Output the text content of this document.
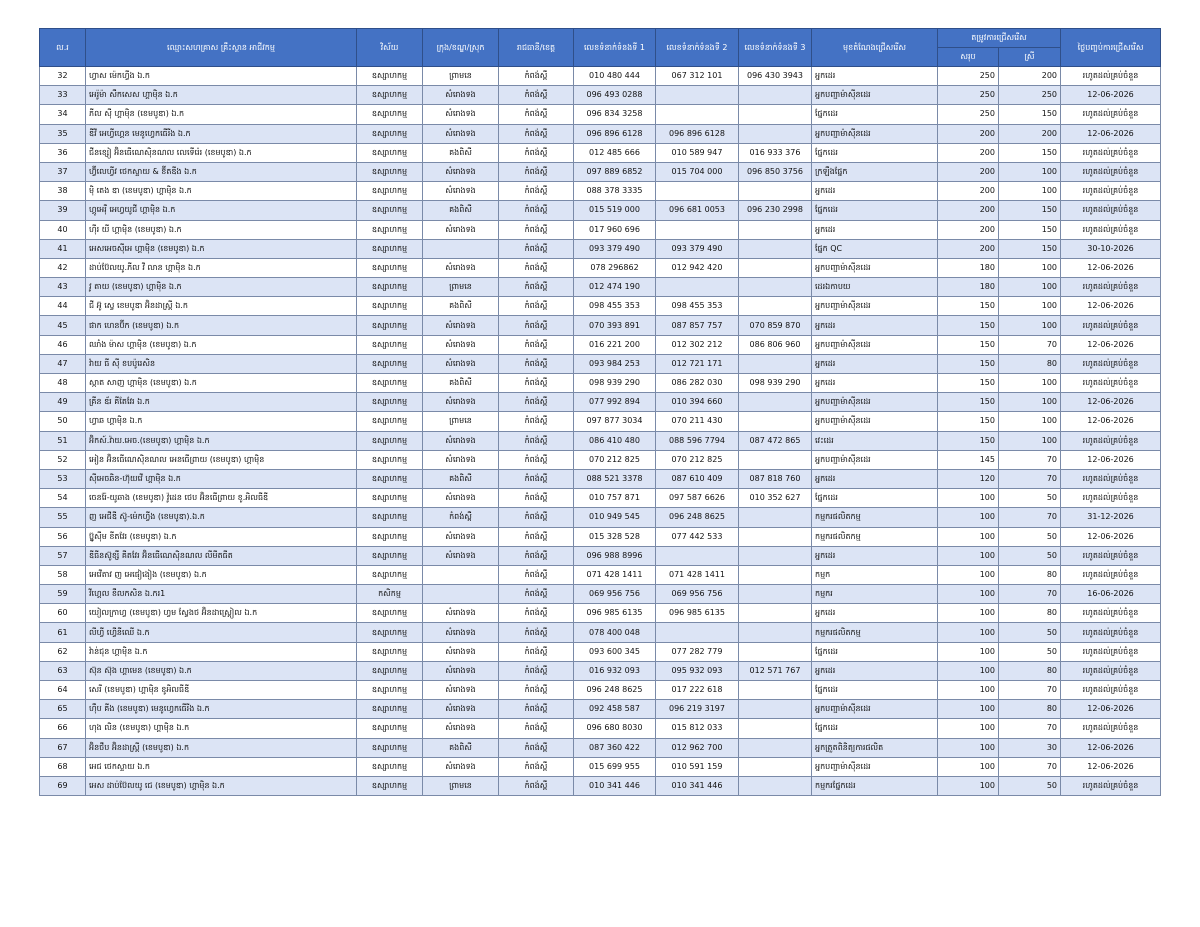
ល.រ	ឈ្មោះសហគ្រាស គ្រឹះស្ថាន អាជីវកម្ម	វិស័យ	ក្រុង/ខណ្ឌ/ស្រុក	រាជធានី/ខេត្ត	លេខទំនាក់ទំនងទី 1	លេខទំនាក់ទំនងទី 2	លេខទំនាក់ទំនងទី 3	មុខតំណែងជ្រើសរើស	តម្រូវការជ្រើសរើស		ថ្ងៃបញ្ចប់ការជ្រើសរើស
									សរុប	ស្រី	
32	ហ្វាស ម៉េកហ្វីង ឯ.ក	ឧស្សាហកម្ម	ព្រាមនេ	កំពង់ស្ពឺ	010 480 444	067 312 101	096 430 3943	អ្នកដេរ	250	200	រហូតដល់គ្រប់ចំនួន
33	អេរ៉ូម៉ា សឹកសេស ហ្គាម៉ិន ឯ.ក	ឧស្សាហកម្ម	សំរោងទង	កំពង់ស្ពឺ	096 493 0288			អ្នកបញ្ជាម៉ាស៊ីនដេរ	250	250	12-06-2026
34	ភីល ស៊ី ហ្គាម៉ិន (ខេមបូឌា) ឯ.ក	ឧស្សាហកម្ម	សំរោងទង	កំពង់ស្ពឺ	096 834 3258			ផ្នែកដេរ	250	150	រហូតដល់គ្រប់ចំនួន
35	ឌីវី អេហ្វីហ្គេន មេនូហ្វេកធើរីង ឯ.ក	ឧស្សាហកម្ម	សំរោងទង	កំពង់ស្ពឺ	096 896 6128	096 896 6128		អ្នកបញ្ជាម៉ាស៊ីនដេរ	200	200	12-06-2026
36	ជីនខ្សៀ អ៊ិនធើណេស៊ិនណល លេទើរ៉េរ (ខេមបូឌា) ឯ.ក	ឧស្សាហកម្ម	គងពិសី	កំពង់ស្ពឺ	012 485 666	010 589 947	016 933 376	ផ្នែកដេរ	200	150	រហូតដល់គ្រប់ចំនួន
37	ហ្វ៊ីលេហ្វីវ ថេកស្ទាយ & ខ៊ីតឌីង ឯ.ក	ឧស្សាហកម្ម	សំរោងទង	កំពង់ស្ពឺ	097 889 6852	015 704 000	096 850 3756	ក្រឡឹងផ្នែក	200	100	រហូតដល់គ្រប់ចំនួន
38	ម៉ិ តេង ឌា (ខេមបូឌា) ហ្គាម៉ិន ឯ.ក	ឧស្សាហកម្ម	សំរោងទង	កំពង់ស្ពឺ	088 378 3335			អ្នកដេរ	200	100	រហូតដល់គ្រប់ចំនួន
39	ហ្គូអេរ៉ឺ អេហ្វយូជី ហ្គាម៉ិន ឯ.ក	ឧស្សាហកម្ម	គងពិសី	កំពង់ស្ពឺ	015 519 000	096 681 0053	096 230 2998	ផ្នែកដេរ	200	150	រហូតដល់គ្រប់ចំនួន
40	ហ៊ីរ យី ហ្គាម៉ិន (ខេមបូឌា) ឯ.ក	ឧស្សាហកម្ម	សំរោងទង	កំពង់ស្ពឺ	017 960 696			អ្នកដេរ	200	150	រហូតដល់គ្រប់ចំនួន
41	អេសអេចស៊ីអេ ហ្គាម៉ិន (ខេមបូឌា) ឯ.ក	ឧស្សាហកម្ម		កំពង់ស្ពឺ	093 379 490	093 379 490		ផ្នែក QC	200	150	30-10-2026
42	ដាប់ប៊ែលយូ.ភីល វី លាន ហ្គាម៉ិន ឯ.ក	ឧស្សាហកម្ម	សំរោងទង	កំពង់ស្ពឺ	078 296862	012 942 420		អ្នកបញ្ជាម៉ាស៊ីនដេរ	180	100	12-06-2026
43	វូ តាយ (ខេមបូឌា) ហ្គាម៉ិន ឯ.ក	ឧស្សាហកម្ម	ព្រាមនេ	កំពង់ស្ពឺ	012 474 190			ដេរឯកាបយ	180	100	រហូតដល់គ្រប់ចំនួន
44	ជី អ៊ូ ស្វេ ខេមបូឌា អ៊ិនដាស្ត្រី ឯ.ក	ឧស្សាហកម្ម	គងពិសី	កំពង់ស្ពឺ	098 455 353	098 455 353		អ្នកបញ្ជាម៉ាស៊ីនដេរ	150	100	12-06-2026
45	ផាក ហេនប៊ីក (ខេមបូឌា) ឯ.ក	ឧស្សាហកម្ម	សំរោងទង	កំពង់ស្ពឺ	070 393 891	087 857 757	070 859 870	អ្នកដេរ	150	100	រហូតដល់គ្រប់ចំនួន
46	ឈាំង ម៉ាស ហ្គាម៉ិន (ខេមបូឌា) ឯ.ក	ឧស្សាហកម្ម	សំរោងទង	កំពង់ស្ពឺ	016 221 200	012 302 212	086 806 960	អ្នកបញ្ជាម៉ាស៊ីនដេរ	150	70	12-06-2026
47	វ៉ាយ ធី ស៊ី ខបប៉ូរេសិន	ឧស្សាហកម្ម	សំរោងទង	កំពង់ស្ពឺ	093 984 253	012 721 171		អ្នកដេរ	150	80	រហូតដល់គ្រប់ចំនួន
48	ស្កាត សាញ ហ្គាម៉ិន (ខេមបូឌា) ឯ.ក	ឧស្សាហកម្ម	គងពិសី	កំពង់ស្ពឺ	098 939 290	086 282 030	098 939 290	អ្នកដេរ	150	100	រហូតដល់គ្រប់ចំនួន
49	គ្រីន ឌ័រ គីតែវែរ ឯ.ក	ឧស្សាហកម្ម	សំរោងទង	កំពង់ស្ពឺ	077 992 894	010 394 660		អ្នកបញ្ជាម៉ាស៊ីនដេរ	150	100	12-06-2026
50	ហ្វាឆ ហ្គាម៉ិន ឯ.ក	ឧស្សាហកម្ម	ព្រាមនេ	កំពង់ស្ពឺ	097 877 3034	070 211 430		អ្នកបញ្ជាម៉ាស៊ីនដេរ	150	100	12-06-2026
51	អ៊ិកស៍.វ៉ាយ.អេច.(ខេមបូឌា) ហ្គាម៉ិន ឯ.ក	ឧស្សាហកម្ម	សំរោងទង	កំពង់ស្ពឺ	086 410 480	088 596 7794	087 472 865	វេះដេរ	150	100	រហូតដល់គ្រប់ចំនួន
52	អៀន អ៊ិនធើណេស៊ិនណល អេនធើព្រាយ (ខេមបូឌា) ហ្គាម៉ិន	ឧស្សាហកម្ម	សំរោងទង	កំពង់ស្ពឺ	070 212 825	070 212 825		អ្នកបញ្ជាម៉ាស៊ីនដេរ	145	70	12-06-2026
53	ស៊ីអេចឆិន-ហ៊ុយវើ ហ្គាម៉ិន ឯ.ក	ឧស្សាហកម្ម	គងពិសី	កំពង់ស្ពឺ	088 521 3378	087 610 409	087 818 760	អ្នកដេរ	120	70	រហូតដល់គ្រប់ចំនួន
54	ចេនរ៉ែ-យូឆាង (ខេមបូឌា) វ៉ូដេន ថេប អ៊ិនធើព្រាយ ខូ.អិលធីឌី	ឧស្សាហកម្ម	សំរោងទង	កំពង់ស្ពឺ	010 757 871	097 587 6626	010 352 627	ផ្នែកដេរ	100	50	រហូតដល់គ្រប់ចំនួន
55	ញ អេជីឌី ស៊ូ-ម៉េកហ្វីង (ខេមបូឌា).ឯ.ក	ឧស្សាហកម្ម	កំពង់ស្ពឺ	កំពង់ស្ពឺ	010 949 545	096 248 8625		កម្មករផលិតកម្ម	100	70	31-12-2026
56	ប្ល៊ូស៊ីម ខីតវែរ (ខេមបូឌា) ឯ.ក	ឧស្សាហកម្ម	សំរោងទង	កំពង់ស្ពឺ	015 328 528	077 442 533		កម្មករផលិតកម្ម	100	50	12-06-2026
57	ឌីធីនស៊ូខ្សឺ គីតវែរ អ៊ិនធើណេស៊ិនណល លីមីតធីត	ឧស្សាហកម្ម	សំរោងទង	កំពង់ស្ពឺ	096 988 8996			អ្នកដេរ	100	50	រហូតដល់គ្រប់ចំនួន
58	អេវើតាវ ញ អេផៀងៀង (ខេមបូឌា) ឯ.ក	ឧស្សាហកម្ម		កំពង់ស្ពឺ	071 428 1411	071 428 1411		កម្មក	100	80	រហូតដល់គ្រប់ចំនួន
59	វីហ្គេល ខឹលកសិន ឯ.ករ1	កសិកម្ម		កំពង់ស្ពឺ	069 956 756	069 956 756		កម្មករ	100	70	16-06-2026
60	យៀលក្រាហ្វ (ខេមបូឌា) ហ្វម ស្វែងថ អ៊ិនដាស្ត្រៀល ឯ.ក	ឧស្សាហកម្ម	សំរោងទង	កំពង់ស្ពឺ	096 985 6135	096 985 6135		អ្នកដេរ	100	80	រហូតដល់គ្រប់ចំនួន
61	លីហ្វី ហ្វើនីឈើ ឯ.ក	ឧស្សាហកម្ម	សំរោងទង	កំពង់ស្ពឺ	078 400 048			កម្មករផលិតកម្ម	100	50	រហូតដល់គ្រប់ចំនួន
62	វ៉ាន់ជុន ហ្គាម៉ិន ឯ.ក	ឧស្សាហកម្ម	សំរោងទង	កំពង់ស្ពឺ	093 600 345	077 282 779		ផ្នែកដេរ	100	50	រហូតដល់គ្រប់ចំនួន
63	ស៊ុន ស៊ុង ហ្គាមេន (ខេមបូឌា) ឯ.ក	ឧស្សាហកម្ម	សំរោងទង	កំពង់ស្ពឺ	016 932 093	095 932 093	012 571 767	អ្នកដេរ	100	80	រហូតដល់គ្រប់ចំនួន
64	សេរី (ខេមបូឌា) ហ្គាម៉ិន ខូអិលធីឌី	ឧស្សាហកម្ម	សំរោងទង	កំពង់ស្ពឺ	096 248 8625	017 222 618		ផ្នែកដេរ	100	70	រហូតដល់គ្រប់ចំនួន
65	ហ៊ឹប គីង (ខេមបូឌា) មេនូហ្វេកធើរីង ឯ.ក	ឧស្សាហកម្ម	សំរោងទង	កំពង់ស្ពឺ	092 458 587	096 219 3197		អ្នកបញ្ជាម៉ាស៊ីនដេរ	100	80	12-06-2026
66	ហុង លិន (ខេមបូឌា) ហ្គាម៉ិន ឯ.ក	ឧស្សាហកម្ម	សំរោងទង	កំពង់ស្ពឺ	096 680 8030	015 812 033		ផ្នែកដេរ	100	70	រហូតដល់គ្រប់ចំនួន
67	អ៊ិនថឹប អ៊ិនដាស្ត្រី (ខេមបូឌា) ឯ.ក	ឧស្សាហកម្ម	គងពិសី	កំពង់ស្ពឺ	087 360 422	012 962 700		អ្នកត្រួតពិនិត្យការផលិត	100	30	12-06-2026
68	អេជ ថេកស្ទាយ ឯ.ក	ឧស្សាហកម្ម	សំរោងទង	កំពង់ស្ពឺ	015 699 955	010 591 159		អ្នកបញ្ជាម៉ាស៊ីនដេរ	100	70	12-06-2026
69	អេស ដាប់ប៊ែលយូ ជេ (ខេមបូឌា) ហ្គាម៉ិន ឯ.ក	ឧស្សាហកម្ម	ព្រាមនេ	កំពង់ស្ពឺ	010 341 446	010 341 446		កម្មករផ្នែកដេរ	100	50	រហូតដល់គ្រប់ចំនួន
